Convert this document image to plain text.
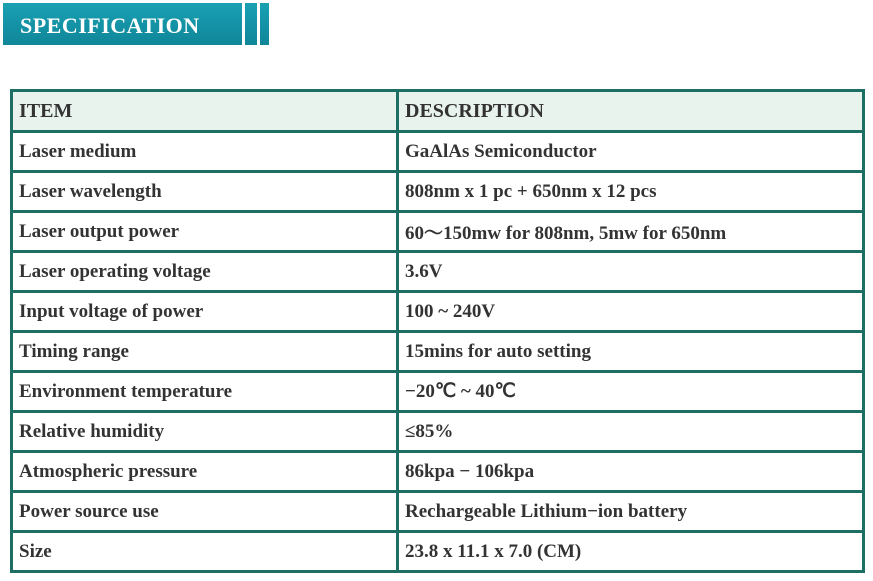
SPECIFICATION
ITEM	DESCRIPTION
Laser medium	GaAlAs Semiconductor
Laser wavelength	808nm x 1 pc + 650nm x 12 pcs
Laser output power	60～150mw for 808nm, 5mw for 650nm
Laser operating voltage	3.6V
Input voltage of power	100 ~ 240V
Timing range	15mins for auto setting
Environment temperature	−20℃ ~ 40℃
Relative humidity	≤85%
Atmospheric pressure	86kpa − 106kpa
Power source use	Rechargeable Lithium−ion battery
Size	23.8 x 11.1 x 7.0 (CM)
